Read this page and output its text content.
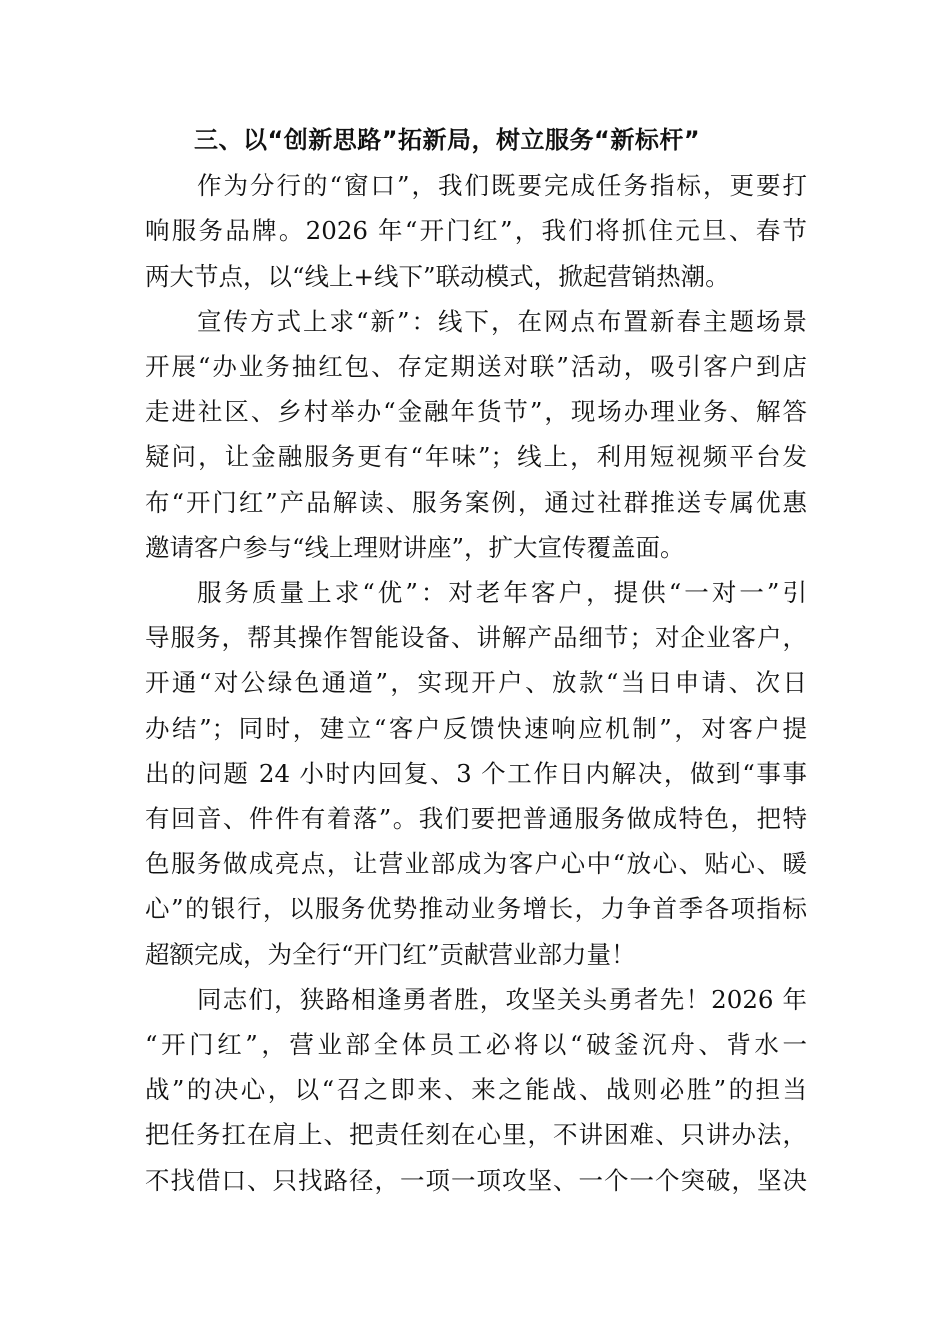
三、以“创新思路”拓新局，树立服务“新标杆”
作为分行的“窗口”，我们既要完成任务指标，更要打
响服务品牌。2026 年“开门红”，我们将抓住元旦、春节
两大节点，以“线上+线下”联动模式，掀起营销热潮。
宣传方式上求“新”：线下，在网点布置新春主题场景
开展“办业务抽红包、存定期送对联”活动，吸引客户到店
走进社区、乡村举办“金融年货节”，现场办理业务、解答
疑问，让金融服务更有“年味”；线上，利用短视频平台发
布“开门红”产品解读、服务案例，通过社群推送专属优惠
邀请客户参与“线上理财讲座”，扩大宣传覆盖面。
服务质量上求“优”：对老年客户，提供“一对一”引
导服务，帮其操作智能设备、讲解产品细节；对企业客户，
开通“对公绿色通道”，实现开户、放款“当日申请、次日
办结”；同时，建立“客户反馈快速响应机制”，对客户提
出的问题 24 小时内回复、3 个工作日内解决，做到“事事
有回音、件件有着落”。我们要把普通服务做成特色，把特
色服务做成亮点，让营业部成为客户心中“放心、贴心、暖
心”的银行，以服务优势推动业务增长，力争首季各项指标
超额完成，为全行“开门红”贡献营业部力量！
同志们，狭路相逢勇者胜，攻坚关头勇者先！2026 年
“开门红”，营业部全体员工必将以“破釜沉舟、背水一
战”的决心，以“召之即来、来之能战、战则必胜”的担当
把任务扛在肩上、把责任刻在心里，不讲困难、只讲办法，
不找借口、只找路径，一项一项攻坚、一个一个突破，坚决
